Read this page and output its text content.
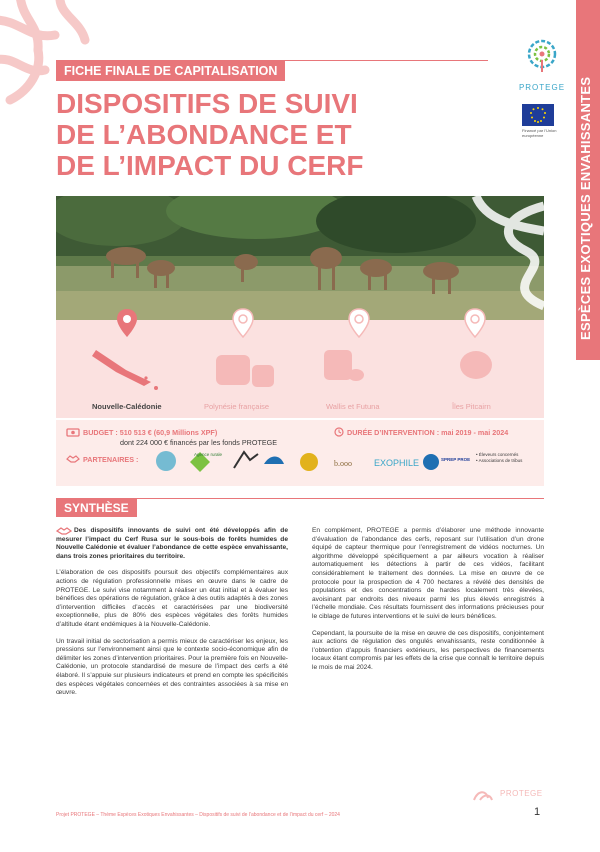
ESPÈCES EXOTIQUES ENVAHISSANTES
FICHE FINALE DE CAPITALISATION
DISPOSITIFS DE SUIVI
DE L’ABONDANCE ET
DE L’IMPACT DU CERF
PROTEGE
Financé par l’Union européenne
Nouvelle-Calédonie	Polynésie française	Wallis et Futuna	Îles Pitcairn
BUDGET : 510 513 € (60,9 Millions XPF)
dont 224 000 € financés par les fonds PROTEGE
DURÉE D’INTERVENTION : mai 2019 - mai 2024
PARTENAIRES :	b.ooo EXOPHILE
Agence rurale
SPREP PROE
• Éleveurs concernés
• Associations de tribus
SYNTHÈSE

Des dispositifs innovants de suivi ont été développés afin de mesurer l’impact du Cerf Rusa sur le sous-bois de forêts humides de Nouvelle Calédonie et évaluer l’abondance de cette espèce envahissante, dans trois zones prioritaires du territoire.

L’élaboration de ces dispositifs poursuit des objectifs complémentaires aux actions de régulation professionnelle mises en œuvre dans le cadre de PROTEGE. Le suivi vise notamment à réaliser un état initial et à évaluer les bénéfices des opérations de régulation, grâce à des outils adaptés à des zones d’intervention difficiles d’accès et caractérisées par une biodiversité exceptionnelle, plus de 80% des espèces végétales des forêts humides d’altitude étant endémiques à la Nouvelle-Calédonie.

Un travail initial de sectorisation a permis mieux de caractériser les enjeux, les pressions sur l’environnement ainsi que le contexte socio-économique afin de délimiter les zones d’intervention prioritaires. Pour la première fois en Nouvelle-Calédonie, un protocole standardisé de mesure de l’impact des cerfs a été élaboré. Il s’appuie sur plusieurs indicateurs et prend en compte les spécificités des espèces végétales concernées et des contraintes associées à sa mise en œuvre.

En complément, PROTEGE a permis d’élaborer une méthode innovante d’évaluation de l’abondance des cerfs, reposant sur l’utilisation d’un drone équipé de capteur thermique pour l’enregistrement de vidéos nocturnes. Un algorithme développé spécifiquement a par ailleurs vocation à réaliser automatiquement les détections à partir de ces vidéos, facilitant considérablement le traitement des données. La mise en œuvre de ce protocole pour la prospection de 4 700 hectares a révélé des densités de populations et des concentrations de hardes localement très élevées, avoisinant par endroits des niveaux parmi les plus élevés enregistrés à l’échelle mondiale. Ces résultats fournissent des informations précieuses pour le ciblage de futures interventions et le suivi de leurs bénéfices.

Cependant, la poursuite de la mise en œuvre de ces dispositifs, conjointement aux actions de régulation des ongulés envahissants, reste conditionnée à l’obtention d’appuis financiers extérieurs, les perspectives de financements locaux étant compromis par les effets de la crise que connaît le territoire depuis le mois de mai 2024.

PROTEGE
Projet PROTEGE – Thème Espèces Exotiques Envahissantes – Dispositifs de suivi de l’abondance et de l’impact du cerf – 2024	1
